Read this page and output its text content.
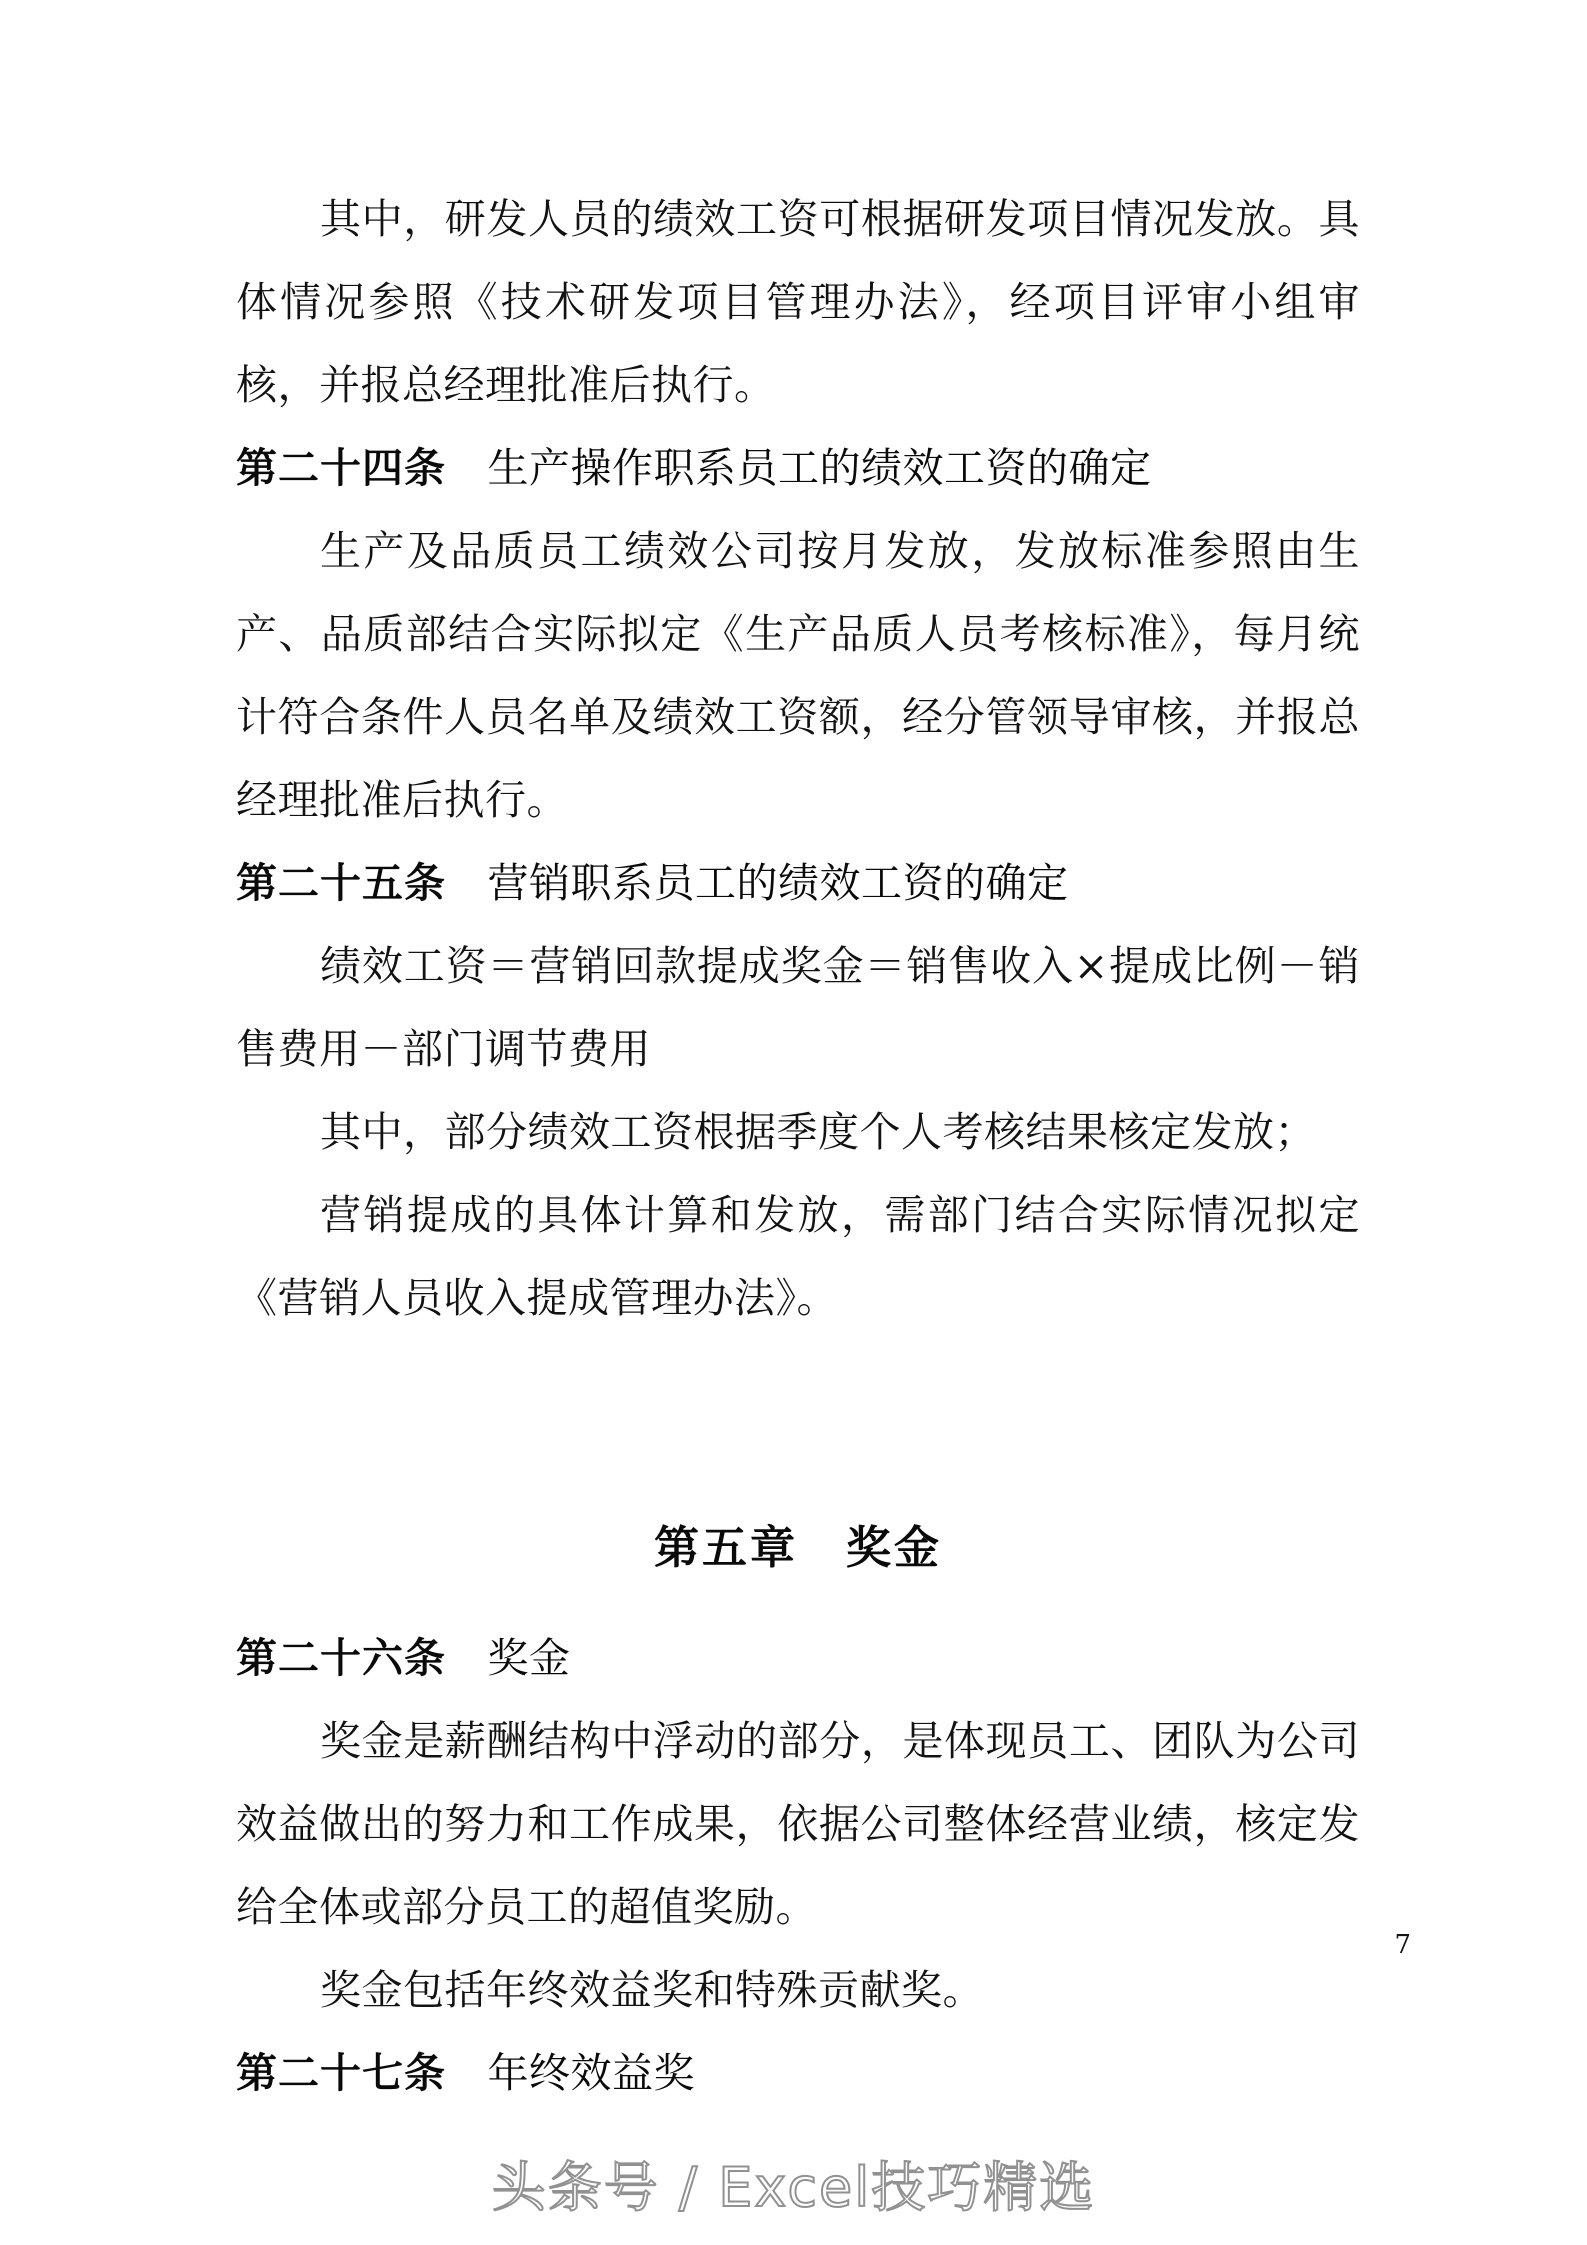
其中，研发人员的绩效工资可根据研发项目情况发放。具体情况参照《技术研发项目管理办法》，经项目评审小组审核，并报总经理批准后执行。

第二十四条　 生产操作职系员工的绩效工资的确定

生产及品质员工绩效公司按月发放，发放标准参照由生产、品质部结合实际拟定《生产品质人员考核标准》，每月统计符合条件人员名单及绩效工资额，经分管领导审核，并报总经理批准后执行。

第二十五条　 营销职系员工的绩效工资的确定

绩效工资＝营销回款提成奖金＝销售收入×提成比例－销售费用－部门调节费用

其中，部分绩效工资根据季度个人考核结果核定发放；

营销提成的具体计算和发放，需部门结合实际情况拟定《营销人员收入提成管理办法》。

第五章　奖金

第二十六条　 奖金

奖金是薪酬结构中浮动的部分，是体现员工、团队为公司效益做出的努力和工作成果，依据公司整体经营业绩，核定发给全体或部分员工的超值奖励。

奖金包括年终效益奖和特殊贡献奖。

第二十七条　 年终效益奖

7
头条号 / Excel技巧精选
